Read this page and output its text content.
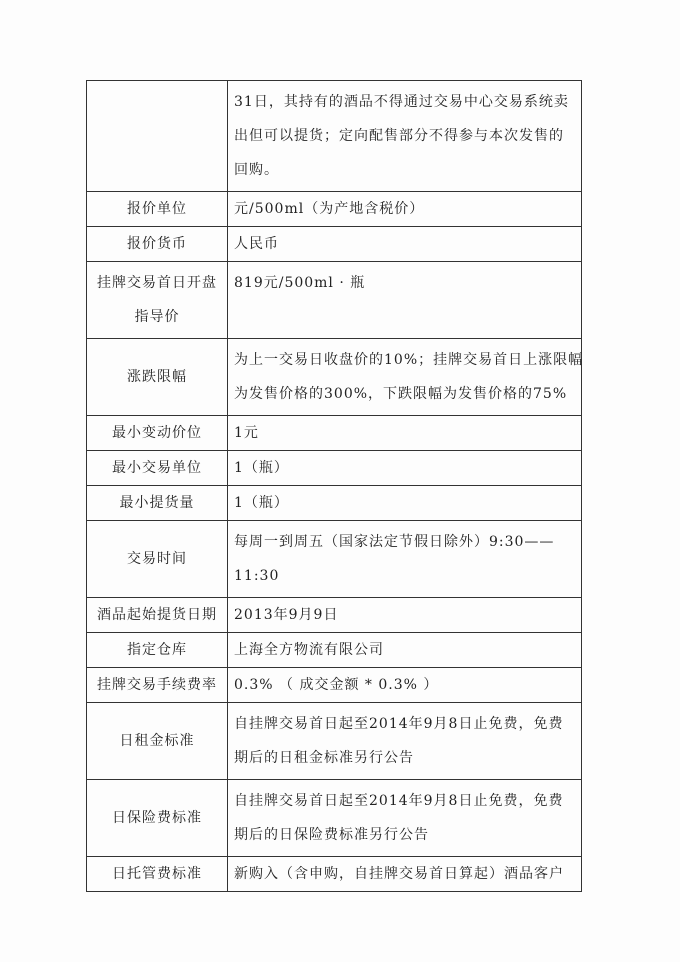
	31日，其持有的酒品不得通过交易中心交易系统卖
出但可以提货；定向配售部分不得参与本次发售的
回购。

报价单位	元/500ml（为产地含税价）

报价货币	人民币

挂牌交易首日开盘
指导价	819元/500ml · 瓶

涨跌限幅	为上一交易日收盘价的10%；挂牌交易首日上涨限幅
为发售价格的300%，下跌限幅为发售价格的75%

最小变动价位	1元

最小交易单位	1（瓶）

最小提货量	1（瓶）

交易时间	每周一到周五（国家法定节假日除外）9:30——
11:30

酒品起始提货日期	2013年9月9日

指定仓库	上海全方物流有限公司

挂牌交易手续费率	0.3% （ 成交金额 * 0.3% ）

日租金标准	自挂牌交易首日起至2014年9月8日止免费，免费
期后的日租金标准另行公告

日保险费标准	自挂牌交易首日起至2014年9月8日止免费，免费
期后的日保险费标准另行公告

日托管费标准	新购入（含申购，自挂牌交易首日算起）酒品客户
